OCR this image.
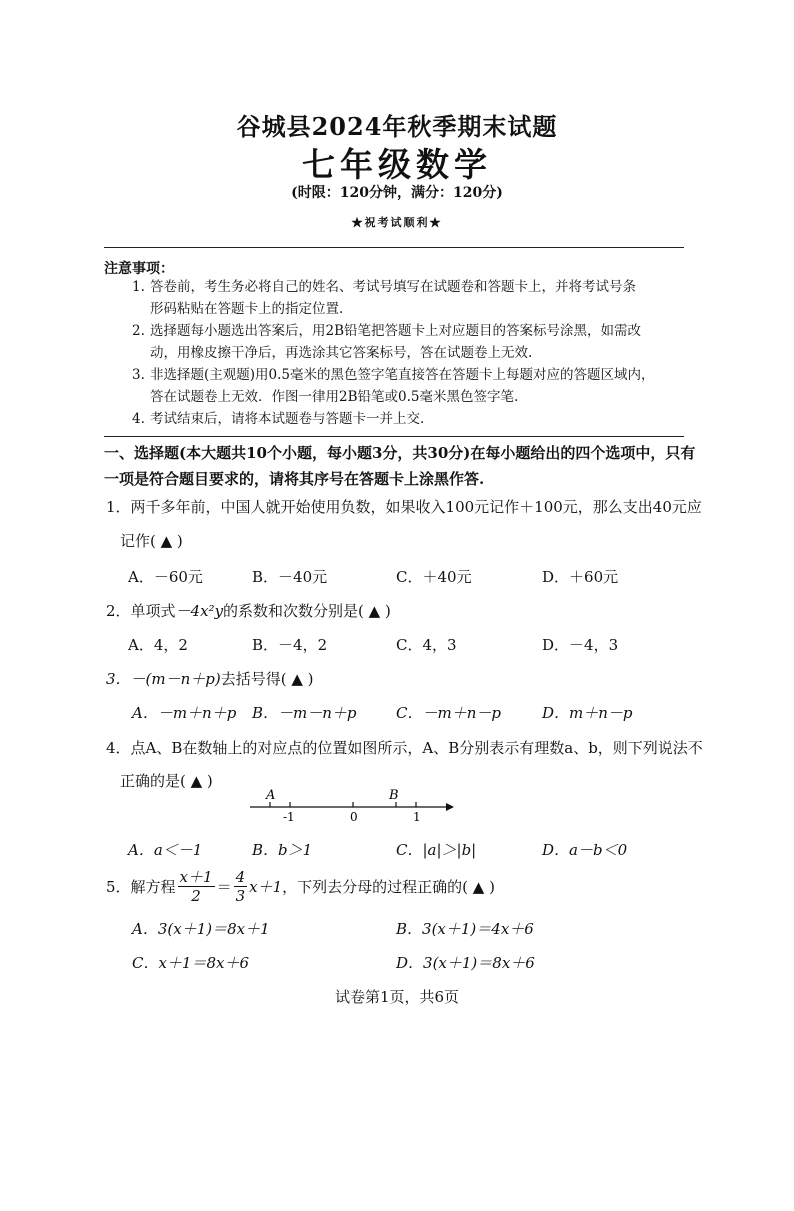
谷城县2024年秋季期末试题
七年级数学
(时限：120分钟，满分：120分)
★祝考试顺利★
注意事项：
1. 答卷前，考生务必将自己的姓名、考试号填写在试题卷和答题卡上，并将考试号条
形码粘贴在答题卡上的指定位置.
2. 选择题每小题选出答案后，用2B铅笔把答题卡上对应题目的答案标号涂黑，如需改
动，用橡皮擦干净后，再选涂其它答案标号，答在试题卷上无效.
3. 非选择题(主观题)用0.5毫米的黑色签字笔直接答在答题卡上每题对应的答题区域内，
答在试题卷上无效．作图一律用2B铅笔或0.5毫米黑色签字笔.
4. 考试结束后，请将本试题卷与答题卡一并上交.
一、选择题(本大题共10个小题，每小题3分，共30分)在每小题给出的四个选项中，只有
一项是符合题目要求的，请将其序号在答题卡上涂黑作答.
1．两千多年前，中国人就开始使用负数，如果收入100元记作＋100元，那么支出40元应
记作( ▲ )
A．－60元	B．－40元	C．＋40元	D．＋60元
2．单项式－4x²y的系数和次数分别是( ▲ )
A．4，2	B．－4，2	C．4，3	D．－4，3
3．－(m－n＋p)去括号得( ▲ )
A．－m＋n＋p B．－m－n＋p	C．－m＋n－p	D．m＋n－p
4．点A、B在数轴上的对应点的位置如图所示，A、B分别表示有理数a、b，则下列说法不
正确的是( ▲ )
A	B
-1	0	1
A．a＜－1	B．b＞1	C．|a|＞|b|	D．a－b＜0
5．解方程 $\frac{x+1}{2} = \frac{4}{3} x+1$，下列去分母的过程正确的( ▲ )
A．3(x＋1)＝8x＋1	B．3(x＋1)＝4x＋6
C．x＋1＝8x＋6	D．3(x＋1)＝8x＋6
试卷第1页，共6页
